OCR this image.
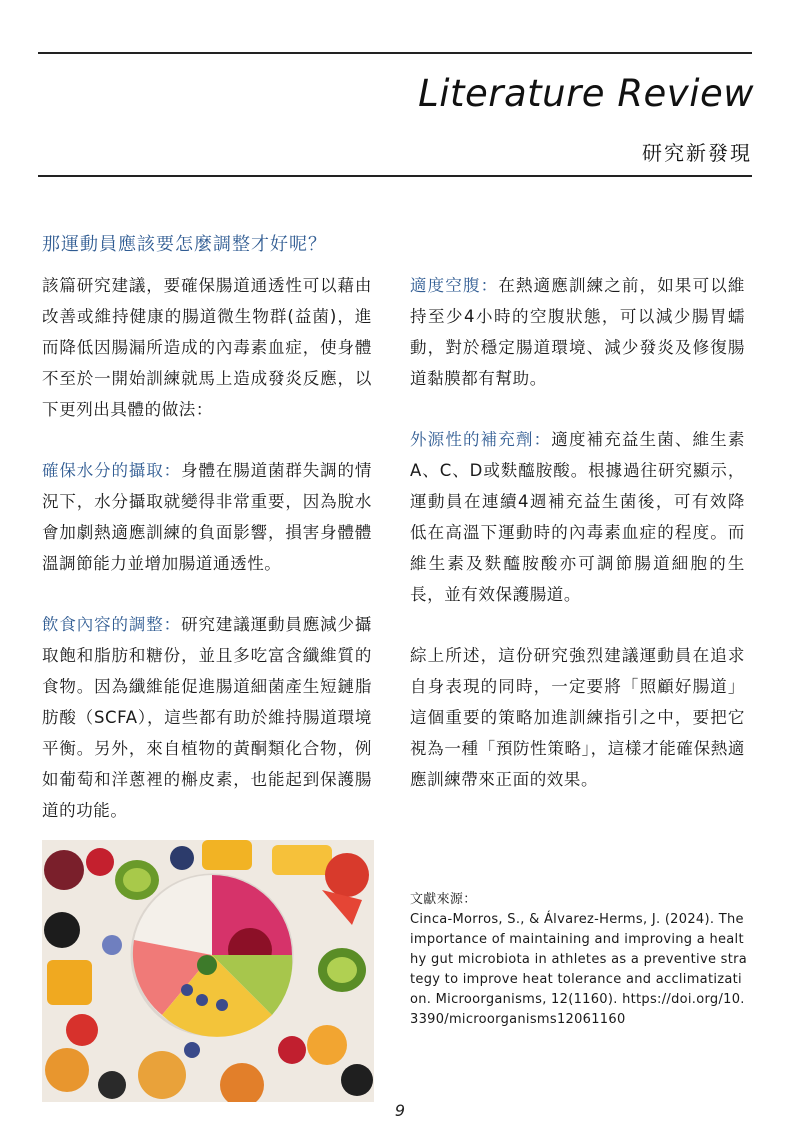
Literature Review
研究新發現
那運動員應該要怎麼調整才好呢？

該篇研究建議，要確保腸道通透性可以藉由改善或維持健康的腸道微生物群(益菌)，進而降低因腸漏所造成的內毒素血症，使身體不至於一開始訓練就馬上造成發炎反應，以下更列出具體的做法：

確保水分的攝取：身體在腸道菌群失調的情況下，水分攝取就變得非常重要，因為脫水會加劇熱適應訓練的負面影響，損害身體體溫調節能力並增加腸道通透性。

飲食內容的調整：研究建議運動員應減少攝取飽和脂肪和糖份，並且多吃富含纖維質的食物。因為纖維能促進腸道細菌產生短鏈脂肪酸（SCFA），這些都有助於維持腸道環境平衡。另外，來自植物的黃酮類化合物，例如葡萄和洋蔥裡的槲皮素，也能起到保護腸道的功能。

適度空腹：在熱適應訓練之前，如果可以維持至少4小時的空腹狀態，可以減少腸胃蠕動，對於穩定腸道環境、減少發炎及修復腸道黏膜都有幫助。

外源性的補充劑：適度補充益生菌、維生素A、C、D或麩醯胺酸。根據過往研究顯示，運動員在連續4週補充益生菌後，可有效降低在高溫下運動時的內毒素血症的程度。而維生素及麩醯胺酸亦可調節腸道細胞的生長，並有效保護腸道。

綜上所述，這份研究強烈建議運動員在追求自身表現的同時，一定要將「照顧好腸道」這個重要的策略加進訓練指引之中，要把它視為一種「預防性策略」，這樣才能確保熱適應訓練帶來正面的效果。

文獻來源：
Cinca-Morros, S., & Álvarez-Herms, J. (2024). The importance of maintaining and improving a healthy gut microbiota in athletes as a preventive strategy to improve heat tolerance and acclimatization. Microorganisms, 12(1160). https://doi.org/10.3390/microorganisms12061160
9
